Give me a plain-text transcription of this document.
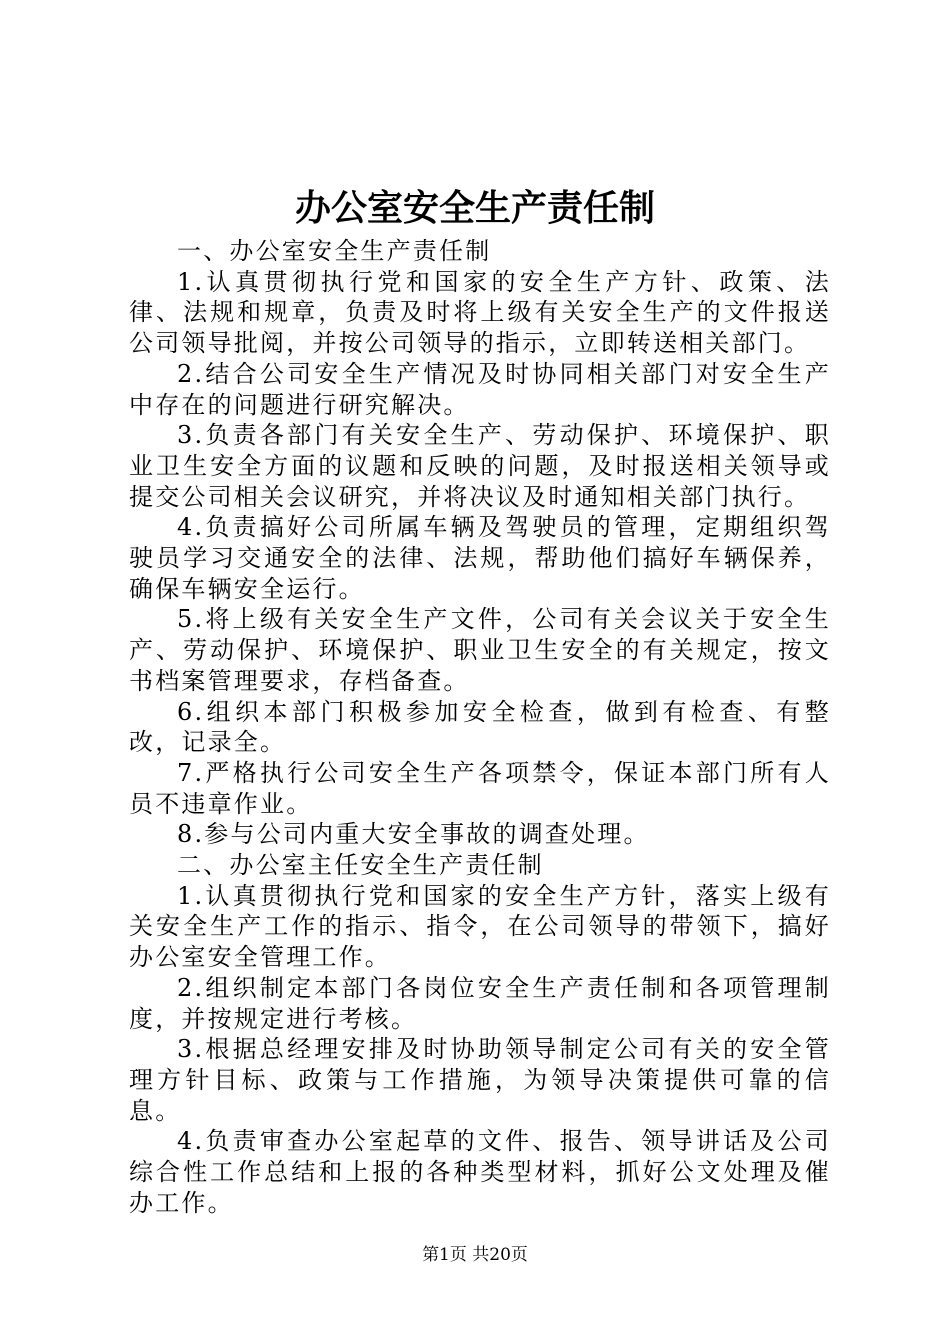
办公室安全生产责任制

一、办公室安全生产责任制

1.认真贯彻执行党和国家的安全生产方针、政策、法律、法规和规章，负责及时将上级有关安全生产的文件报送公司领导批阅，并按公司领导的指示，立即转送相关部门。

2.结合公司安全生产情况及时协同相关部门对安全生产中存在的问题进行研究解决。

3.负责各部门有关安全生产、劳动保护、环境保护、职业卫生安全方面的议题和反映的问题，及时报送相关领导或提交公司相关会议研究，并将决议及时通知相关部门执行。

4.负责搞好公司所属车辆及驾驶员的管理，定期组织驾驶员学习交通安全的法律、法规，帮助他们搞好车辆保养，确保车辆安全运行。

5.将上级有关安全生产文件，公司有关会议关于安全生产、劳动保护、环境保护、职业卫生安全的有关规定，按文书档案管理要求，存档备查。

6.组织本部门积极参加安全检查，做到有检查、有整改，记录全。

7.严格执行公司安全生产各项禁令，保证本部门所有人员不违章作业。

8.参与公司内重大安全事故的调查处理。

二、办公室主任安全生产责任制

1.认真贯彻执行党和国家的安全生产方针，落实上级有关安全生产工作的指示、指令，在公司领导的带领下，搞好办公室安全管理工作。

2.组织制定本部门各岗位安全生产责任制和各项管理制度，并按规定进行考核。

3.根据总经理安排及时协助领导制定公司有关的安全管理方针目标、政策与工作措施，为领导决策提供可靠的信息。

4.负责审查办公室起草的文件、报告、领导讲话及公司综合性工作总结和上报的各种类型材料，抓好公文处理及催办工作。

第1页 共20页
